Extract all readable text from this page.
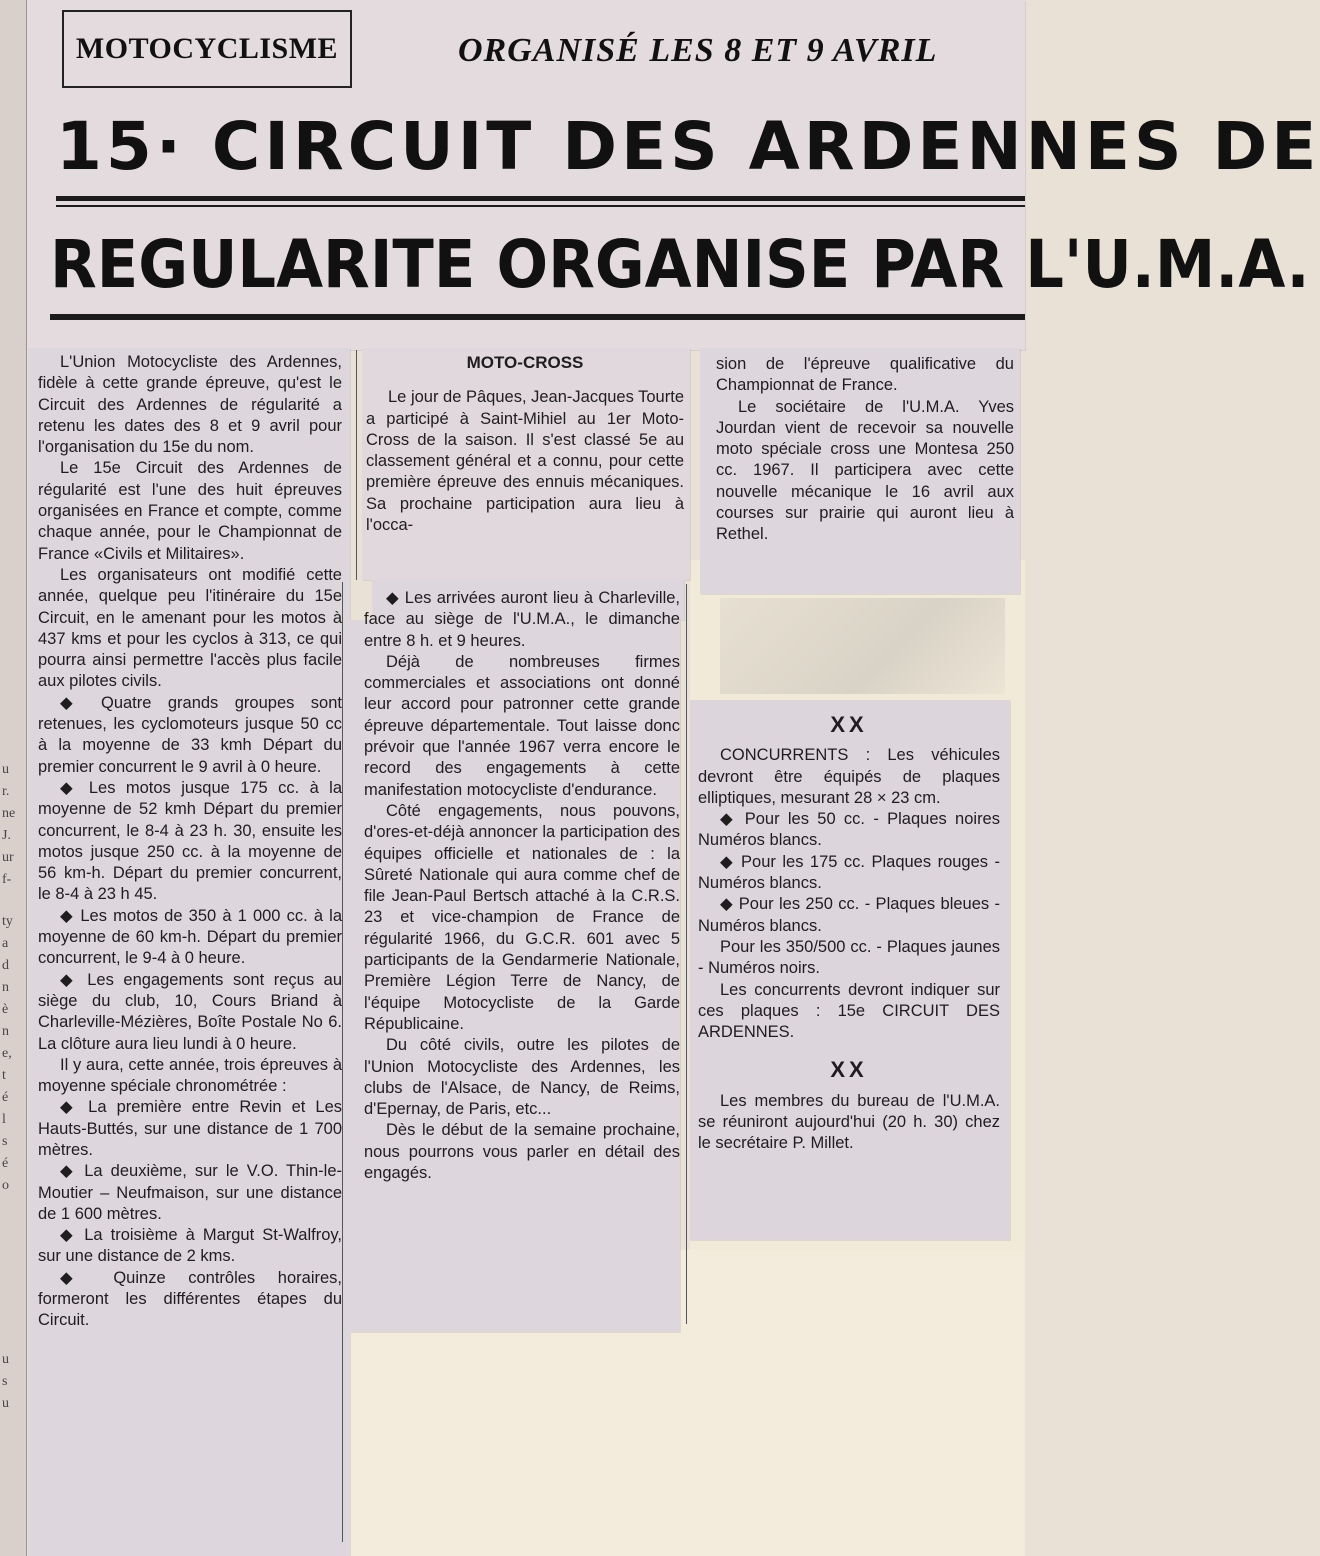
u
r.
ne
J.
ur
f-
ty
a
d
n
è
n
e,
t
é
l
s
é
o
u
s
u
MOTOCYCLISME	ORGANISÉ LES 8 ET 9 AVRIL
15· CIRCUIT DES ARDENNES DE
REGULARITE ORGANISE PAR L'U.M.A.

L'Union Motocycliste des Ardennes, fidèle à cette grande épreuve, qu'est le Circuit des Ardennes de régularité a retenu les dates des 8 et 9 avril pour l'organisation du 15e du nom.

Le 15e Circuit des Ardennes de régularité est l'une des huit épreuves organisées en France et compte, comme chaque année, pour le Championnat de France «Civils et Militaires».

Les organisateurs ont modifié cette année, quelque peu l'itinéraire du 15e Circuit, en le amenant pour les motos à 437 kms et pour les cyclos à 313, ce qui pourra ainsi permettre l'accès plus facile aux pilotes civils.

◆ Quatre grands groupes sont retenues, les cyclomoteurs jusque 50 cc à la moyenne de 33 kmh Départ du premier concurrent le 9 avril à 0 heure.

◆ Les motos jusque 175 cc. à la moyenne de 52 kmh Départ du premier concurrent, le 8-4 à 23 h. 30, ensuite les motos jusque 250 cc. à la moyenne de 56 km-h. Départ du premier concurrent, le 8-4 à 23 h 45.

◆ Les motos de 350 à 1 000 cc. à la moyenne de 60 km-h. Départ du premier concurrent, le 9-4 à 0 heure.

◆ Les engagements sont reçus au siège du club, 10, Cours Briand à Charleville-Mézières, Boîte Postale No 6. La clôture aura lieu lundi à 0 heure.

Il y aura, cette année, trois épreuves à moyenne spéciale chronométrée :

◆ La première entre Revin et Les Hauts-Buttés, sur une distance de 1 700 mètres.

◆ La deuxième, sur le V.O. Thin-le-Moutier – Neufmaison, sur une distance de 1 600 mètres.

◆ La troisième à Margut St-Walfroy, sur une distance de 2 kms.

◆ Quinze contrôles horaires, formeront les différentes étapes du Circuit.

MOTO-CROSS

Le jour de Pâques, Jean-Jacques Tourte a participé à Saint-Mihiel au 1er Moto-Cross de la saison. Il s'est classé 5e au classement général et a connu, pour cette première épreuve des ennuis mécaniques. Sa prochaine participation aura lieu à l'occa-

◆ Les arrivées auront lieu à Charleville, face au siège de l'U.M.A., le dimanche entre 8 h. et 9 heures.

Déjà de nombreuses firmes commerciales et associations ont donné leur accord pour patronner cette grande épreuve départementale. Tout laisse donc prévoir que l'année 1967 verra encore le record des engagements à cette manifestation motocycliste d'endurance.

Côté engagements, nous pouvons, d'ores-et-déjà annoncer la participation des équipes officielle et nationales de : la Sûreté Nationale qui aura comme chef de file Jean-Paul Bertsch attaché à la C.R.S. 23 et vice-champion de France de régularité 1966, du G.C.R. 601 avec 5 participants de la Gendarmerie Nationale, Première Légion Terre de Nancy, de l'équipe Motocycliste de la Garde Républicaine.

Du côté civils, outre les pilotes de l'Union Motocycliste des Ardennes, les clubs de l'Alsace, de Nancy, de Reims, d'Epernay, de Paris, etc...

Dès le début de la semaine prochaine, nous pourrons vous parler en détail des engagés.

sion de l'épreuve qualificative du Championnat de France.

Le sociétaire de l'U.M.A. Yves Jourdan vient de recevoir sa nouvelle moto spéciale cross une Montesa 250 cc. 1967. Il participera avec cette nouvelle mécanique le 16 avril aux courses sur prairie qui auront lieu à Rethel.

XX

CONCURRENTS : Les véhicules devront être équipés de plaques elliptiques, mesurant 28 × 23 cm.

◆ Pour les 50 cc. - Plaques noires Numéros blancs.

◆ Pour les 175 cc. Plaques rouges - Numéros blancs.

◆ Pour les 250 cc. - Plaques bleues - Numéros blancs.

Pour les 350/500 cc. - Plaques jaunes - Numéros noirs.

Les concurrents devront indiquer sur ces plaques : 15e CIRCUIT DES ARDENNES.

XX

Les membres du bureau de l'U.M.A. se réuniront aujourd'hui (20 h. 30) chez le secrétaire P. Millet.
